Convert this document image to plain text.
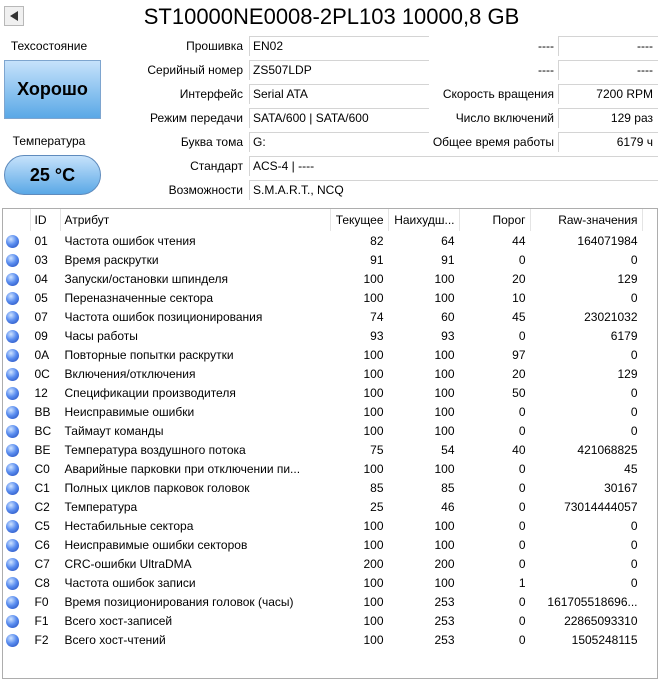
ST10000NE0008-2PL103 10000,8 GB
Техсостояние
Хорошо
Температура
25 °C
Прошивка EN02
Серийный номер ZS507LDP
Интерфейс Serial ATA
Режим передачи SATA/600 | SATA/600
Буква тома G:
Стандарт ACS-4 | ----
Возможности S.M.A.R.T., NCQ
----	----
----	----
Скорость вращения	7200 RPM
Число включений	129 раз
Общее время работы	6179 ч
	ID	Атрибут	Текущее	Наихудш...	Порог	Raw-значения	
	01	Частота ошибок чтения	82	64	44	164071984	
	03	Время раскрутки	91	91	0	0	
	04	Запуски/остановки шпинделя	100	100	20	129	
	05	Переназначенные сектора	100	100	10	0	
	07	Частота ошибок позиционирования	74	60	45	23021032	
	09	Часы работы	93	93	0	6179	
	0A	Повторные попытки раскрутки	100	100	97	0	
	0C	Включения/отключения	100	100	20	129	
	12	Спецификации производителя	100	100	50	0	
	BB	Неисправимые ошибки	100	100	0	0	
	BC	Таймаут команды	100	100	0	0	
	BE	Температура воздушного потока	75	54	40	421068825	
	C0	Аварийные парковки при отключении пи...	100	100	0	45	
	C1	Полных циклов парковок головок	85	85	0	30167	
	C2	Температура	25	46	0	73014444057	
	C5	Нестабильные сектора	100	100	0	0	
	C6	Неисправимые ошибки секторов	100	100	0	0	
	C7	CRC-ошибки UltraDMA	200	200	0	0	
	C8	Частота ошибок записи	100	100	1	0	
	F0	Время позиционирования головок (часы)	100	253	0	161705518696...	
	F1	Всего хост-записей	100	253	0	22865093310	
	F2	Всего хост-чтений	100	253	0	1505248115	
